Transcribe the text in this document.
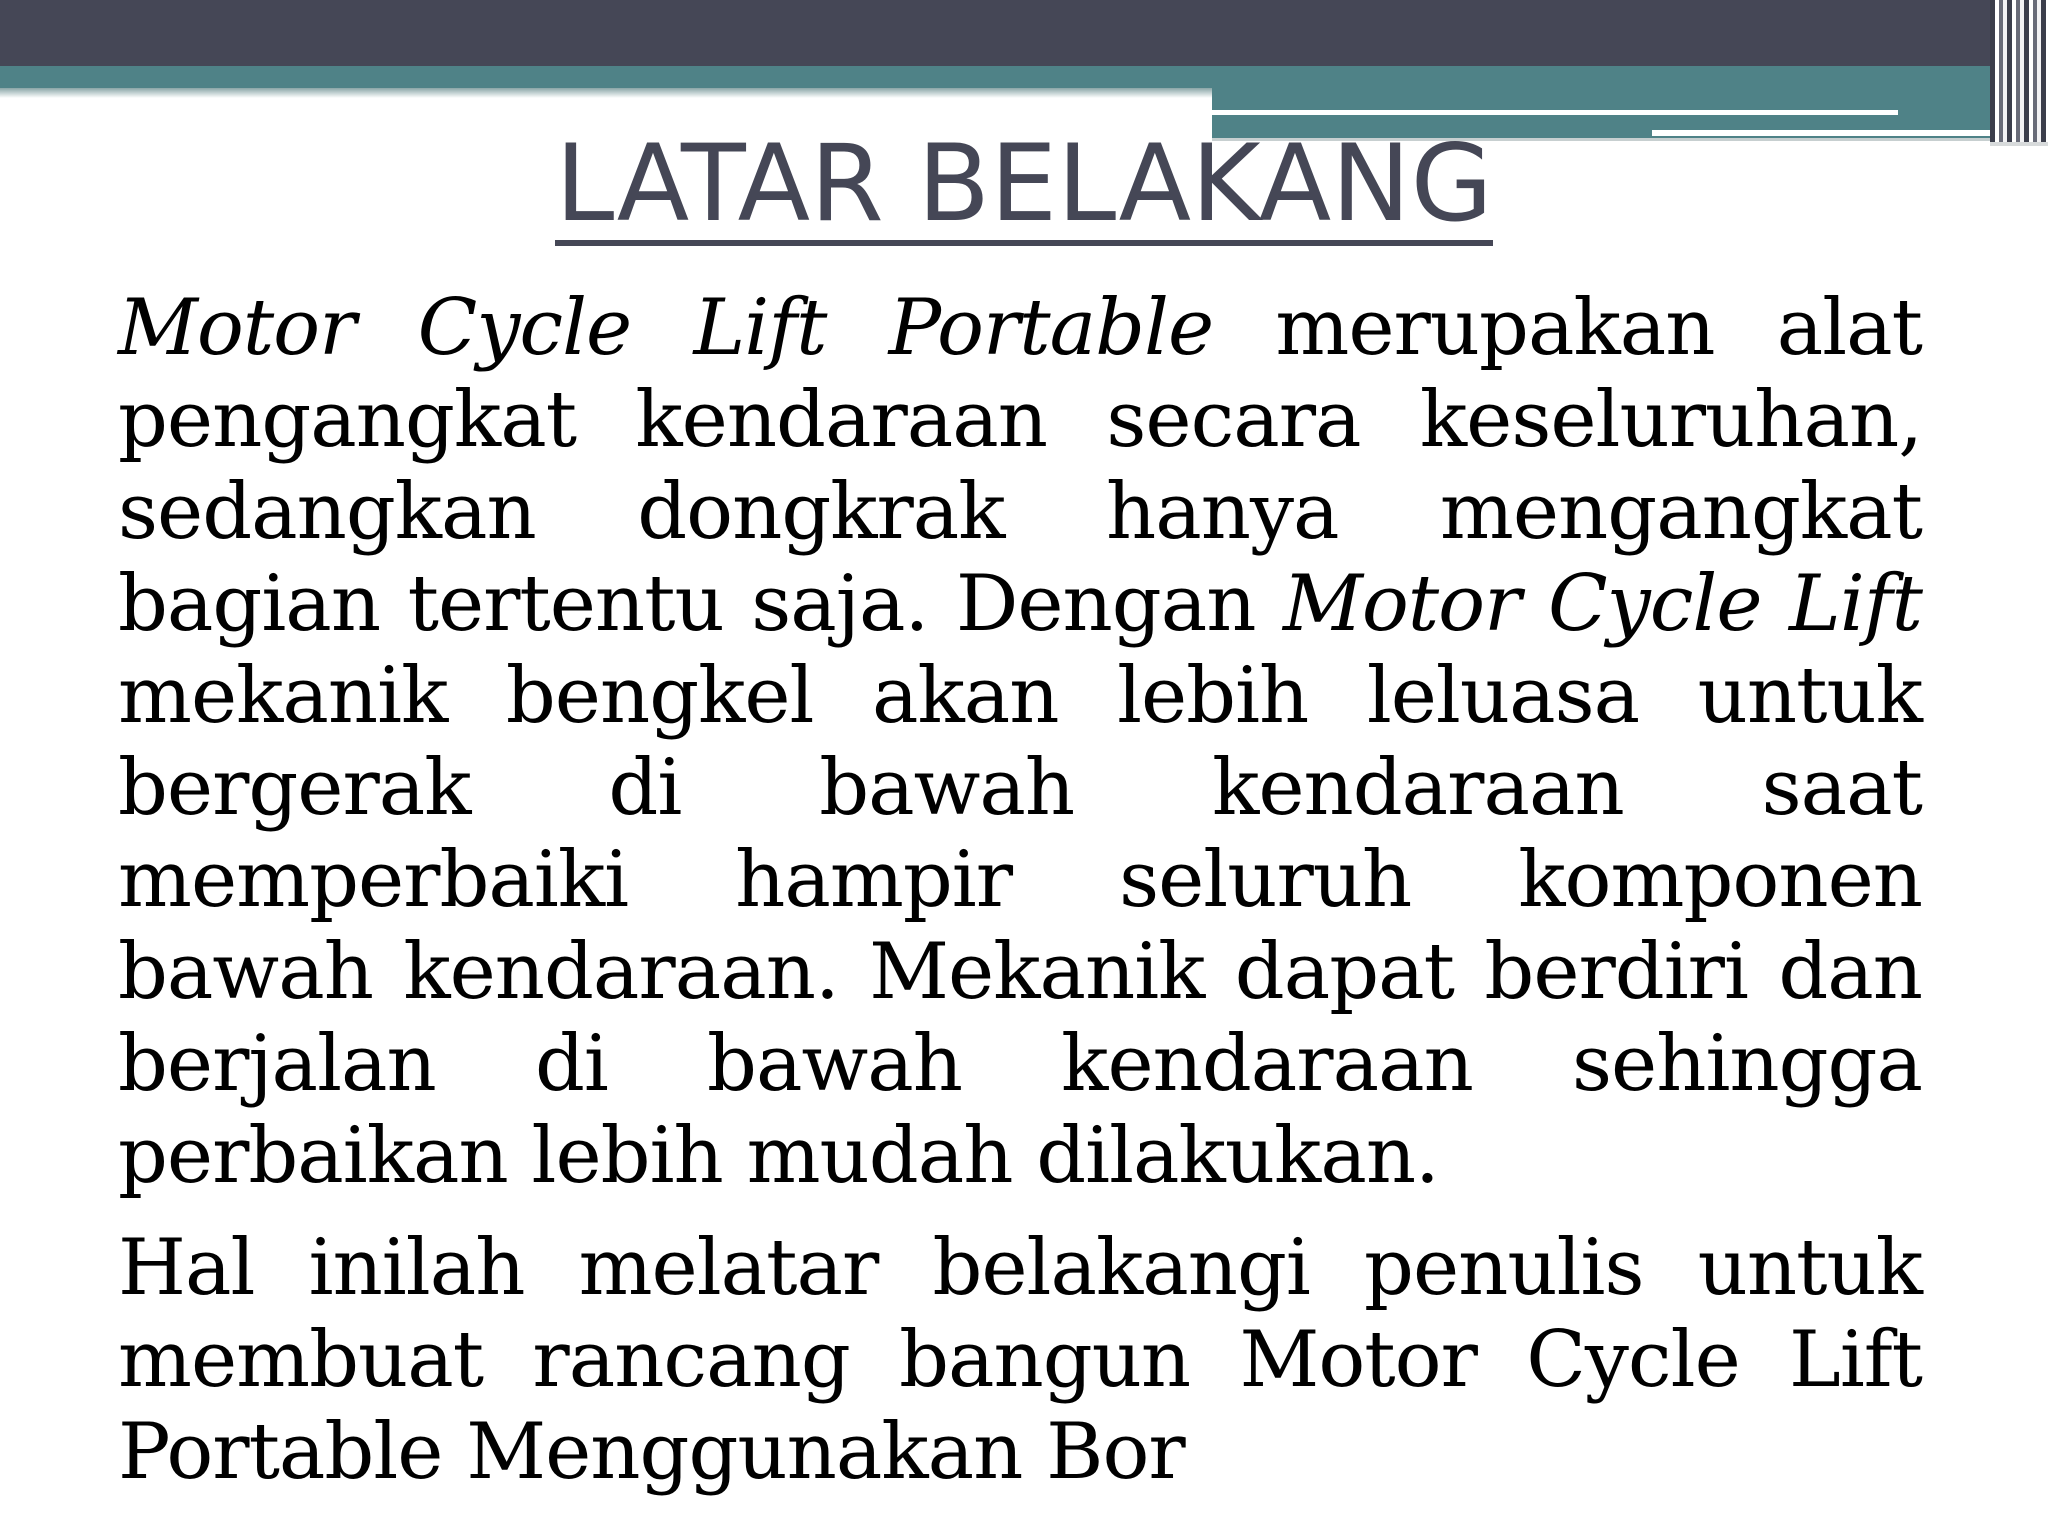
LATAR BELAKANG

Motor Cycle Lift Portable merupakan alat pengangkat kendaraan secara keseluruhan, sedangkan dongkrak hanya mengangkat bagian tertentu saja. Dengan Motor Cycle Lift mekanik bengkel akan lebih leluasa untuk bergerak di bawah kendaraan saat memperbaiki hampir seluruh komponen bawah kendaraan. Mekanik dapat berdiri dan berjalan di bawah kendaraan sehingga perbaikan lebih mudah dilakukan.

Hal inilah melatar belakangi penulis untuk membuat rancang bangun Motor Cycle Lift Portable Menggunakan Bor
